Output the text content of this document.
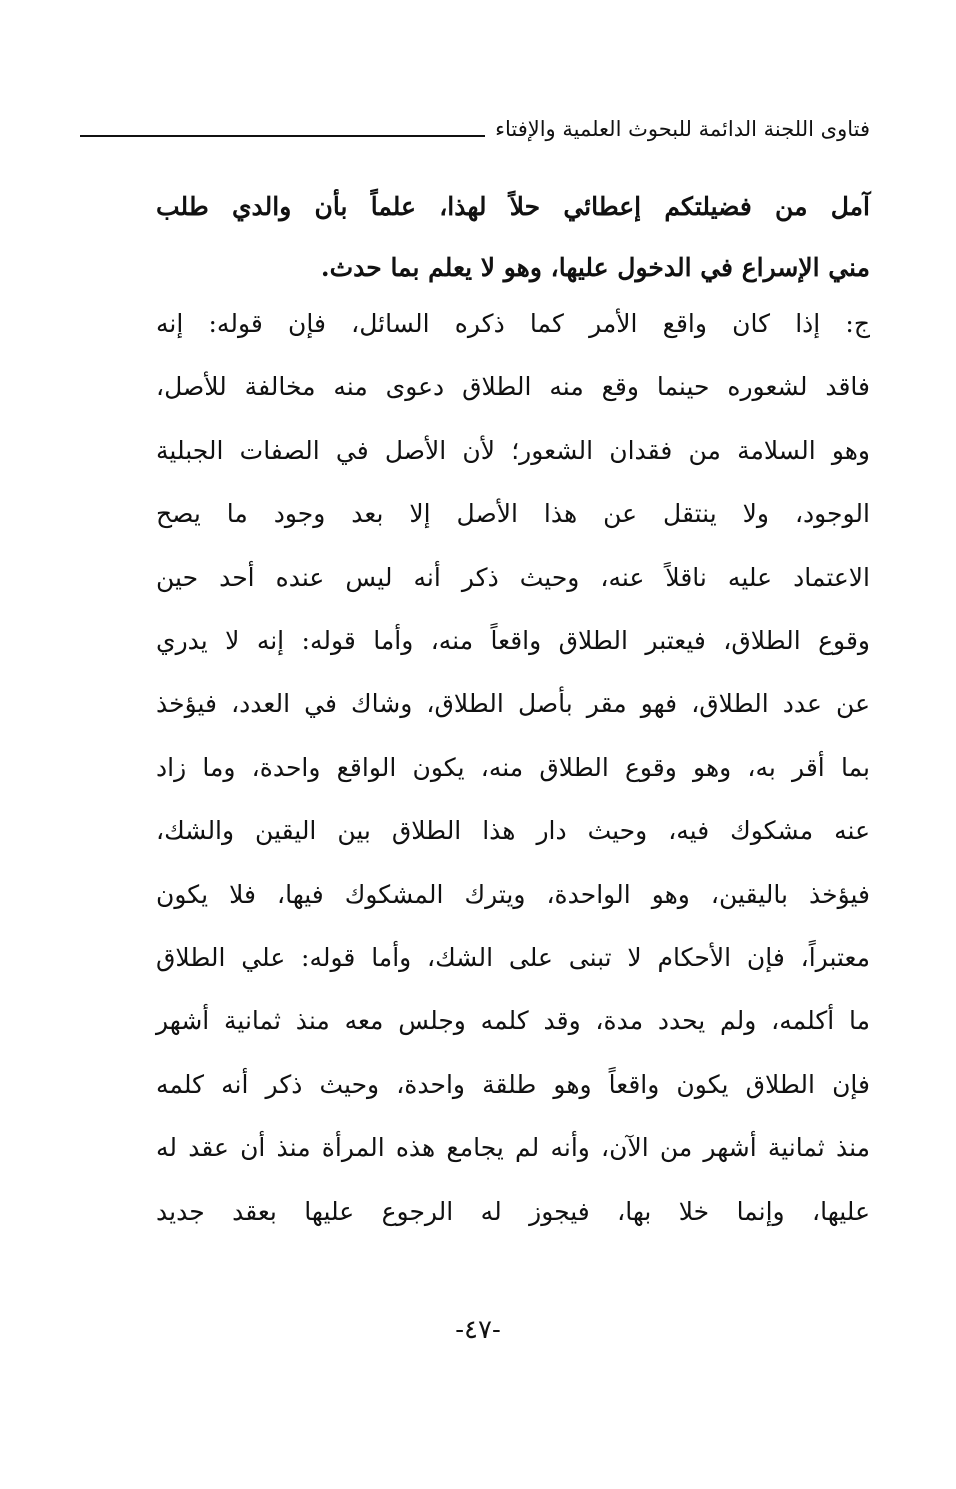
فتاوى اللجنة الدائمة للبحوث العلمية والإفتاء
آمل من فضيلتكم إعطائي حلاً لهذا، علماً بأن والدي طلب
مني الإسراع في الدخول عليها، وهو لا يعلم بما حدث.
ج: إذا كان واقع الأمر كما ذكره السائل، فإن قوله: إنه
فاقد لشعوره حينما وقع منه الطلاق دعوى منه مخالفة للأصل،
وهو السلامة من فقدان الشعور؛ لأن الأصل في الصفات الجبلية
الوجود، ولا ينتقل عن هذا الأصل إلا بعد وجود ما يصح
الاعتماد عليه ناقلاً عنه، وحيث ذكر أنه ليس عنده أحد حين
وقوع الطلاق، فيعتبر الطلاق واقعاً منه، وأما قوله: إنه لا يدري
عن عدد الطلاق، فهو مقر بأصل الطلاق، وشاك في العدد، فيؤخذ
بما أقر به، وهو وقوع الطلاق منه، يكون الواقع واحدة، وما زاد
عنه مشكوك فيه، وحيث دار هذا الطلاق بين اليقين والشك،
فيؤخذ باليقين، وهو الواحدة، ويترك المشكوك فيها، فلا يكون
معتبراً، فإن الأحكام لا تبنى على الشك، وأما قوله: علي الطلاق
ما أكلمه، ولم يحدد مدة، وقد كلمه وجلس معه منذ ثمانية أشهر
فإن الطلاق يكون واقعاً وهو طلقة واحدة، وحيث ذكر أنه كلمه
منذ ثمانية أشهر من الآن، وأنه لم يجامع هذه المرأة منذ أن عقد له
عليها، وإنما خلا بها، فيجوز له الرجوع عليها بعقد جديد
-٤٧-
